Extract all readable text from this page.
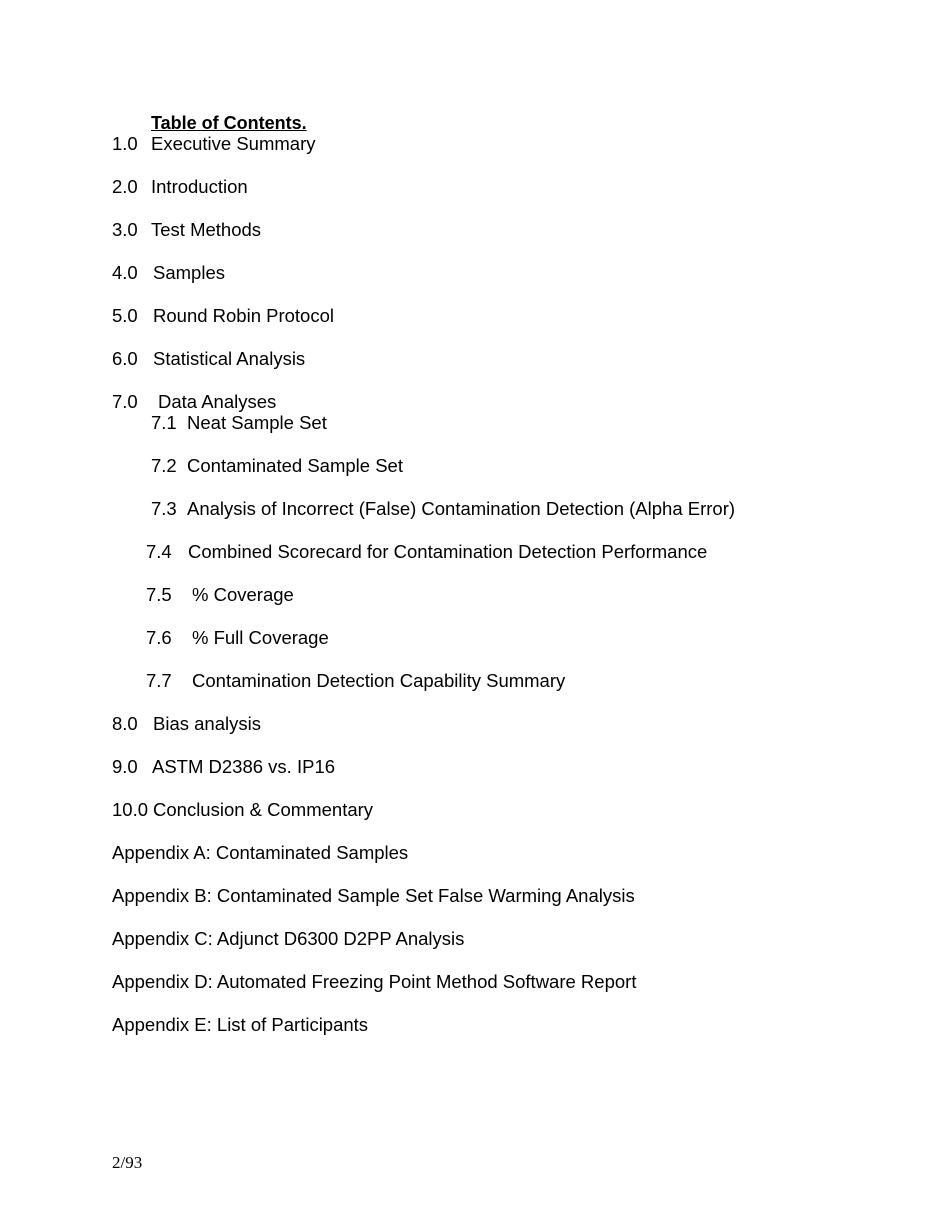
Table of Contents.
1.0 Executive Summary
2.0 Introduction
3.0 Test Methods
4.0 Samples
5.0 Round Robin Protocol
6.0 Statistical Analysis
7.0 Data Analyses
7.1 Neat Sample Set
7.2 Contaminated Sample Set
7.3 Analysis of Incorrect (False) Contamination Detection (Alpha Error)
7.4 Combined Scorecard for Contamination Detection Performance
7.5 % Coverage
7.6 % Full Coverage
7.7 Contamination Detection Capability Summary
8.0 Bias analysis
9.0 ASTM D2386 vs. IP16
10.0 Conclusion & Commentary
Appendix A: Contaminated Samples
Appendix B: Contaminated Sample Set False Warming Analysis
Appendix C: Adjunct D6300 D2PP Analysis
Appendix D: Automated Freezing Point Method Software Report
Appendix E: List of Participants
2/93
